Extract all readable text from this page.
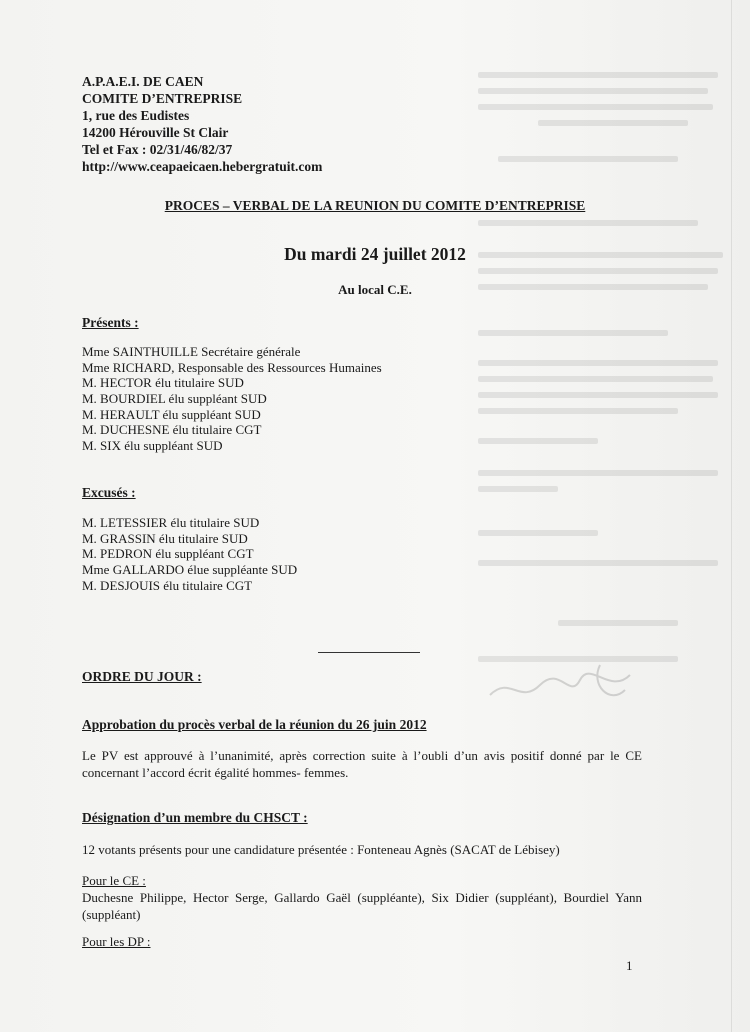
A.P.A.E.I. DE CAEN
COMITE D’ENTREPRISE
1, rue des Eudistes
14200 Hérouville St Clair
Tel et Fax : 02/31/46/82/37
http://www.ceapaeicaen.hebergratuit.com
PROCES – VERBAL DE LA REUNION DU COMITE D’ENTREPRISE
Du mardi 24 juillet 2012
Au local C.E.
Présents :
Mme SAINTHUILLE Secrétaire générale
Mme RICHARD, Responsable des Ressources Humaines
M. HECTOR élu titulaire SUD
M. BOURDIEL élu suppléant SUD
M. HERAULT élu suppléant SUD
M. DUCHESNE élu titulaire CGT
M. SIX élu suppléant SUD
Excusés :
M. LETESSIER élu titulaire SUD
M. GRASSIN élu titulaire SUD
M. PEDRON élu suppléant CGT
Mme GALLARDO élue suppléante SUD
M. DESJOUIS élu titulaire CGT
ORDRE DU JOUR :
Approbation du procès verbal de la réunion du 26 juin 2012
Le PV est approuvé à l’unanimité, après correction suite à l’oubli d’un avis positif donné par le CE concernant l’accord écrit égalité hommes- femmes.
Désignation d’un membre du CHSCT :
12 votants présents pour une candidature présentée : Fonteneau Agnès (SACAT de Lébisey)
Pour le CE :
Duchesne Philippe, Hector Serge, Gallardo Gaël (suppléante), Six Didier (suppléant), Bourdiel Yann (suppléant)
Pour les DP :
1
